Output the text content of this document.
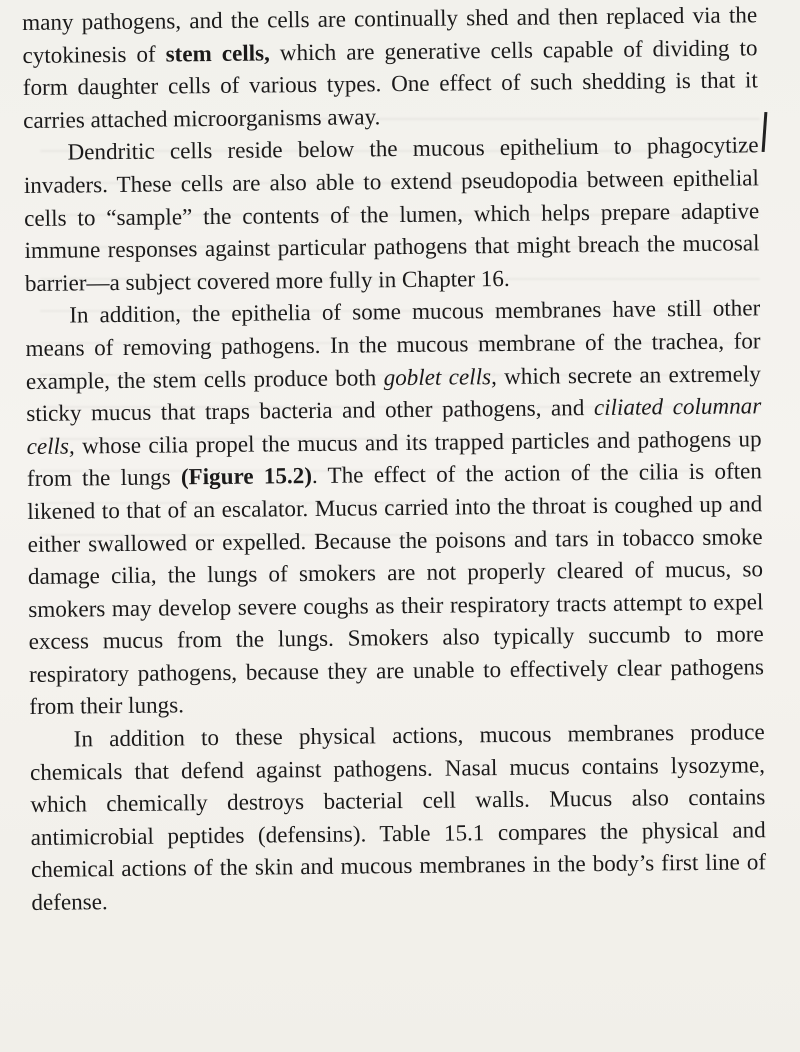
many pathogens, and the cells are continually shed and then replaced via the cytokinesis of stem cells, which are generative cells capable of dividing to form daughter cells of various types. One effect of such shedding is that it carries attached microorganisms away.

Dendritic cells reside below the mucous epithelium to phagocytize invaders. These cells are also able to extend pseudopodia between epithelial cells to “sample” the contents of the lumen, which helps prepare adaptive immune responses against particular pathogens that might breach the mucosal barrier—a subject covered more fully in Chapter 16.

In addition, the epithelia of some mucous membranes have still other means of removing pathogens. In the mucous membrane of the trachea, for example, the stem cells produce both goblet cells, which secrete an extremely sticky mucus that traps bacteria and other pathogens, and ciliated columnar cells, whose cilia propel the mucus and its trapped particles and pathogens up from the lungs (Figure 15.2). The effect of the action of the cilia is often likened to that of an escalator. Mucus carried into the throat is coughed up and either swallowed or expelled. Because the poisons and tars in tobacco smoke damage cilia, the lungs of smokers are not properly cleared of mucus, so smokers may develop severe coughs as their respiratory tracts attempt to expel excess mucus from the lungs. Smokers also typically succumb to more respiratory pathogens, because they are unable to effectively clear pathogens from their lungs.

In addition to these physical actions, mucous membranes produce chemicals that defend against pathogens. Nasal mucus contains lysozyme, which chemically destroys bacterial cell walls. Mucus also contains antimicrobial peptides (defensins). Table 15.1 compares the physical and chemical actions of the skin and mucous membranes in the body’s first line of defense.
